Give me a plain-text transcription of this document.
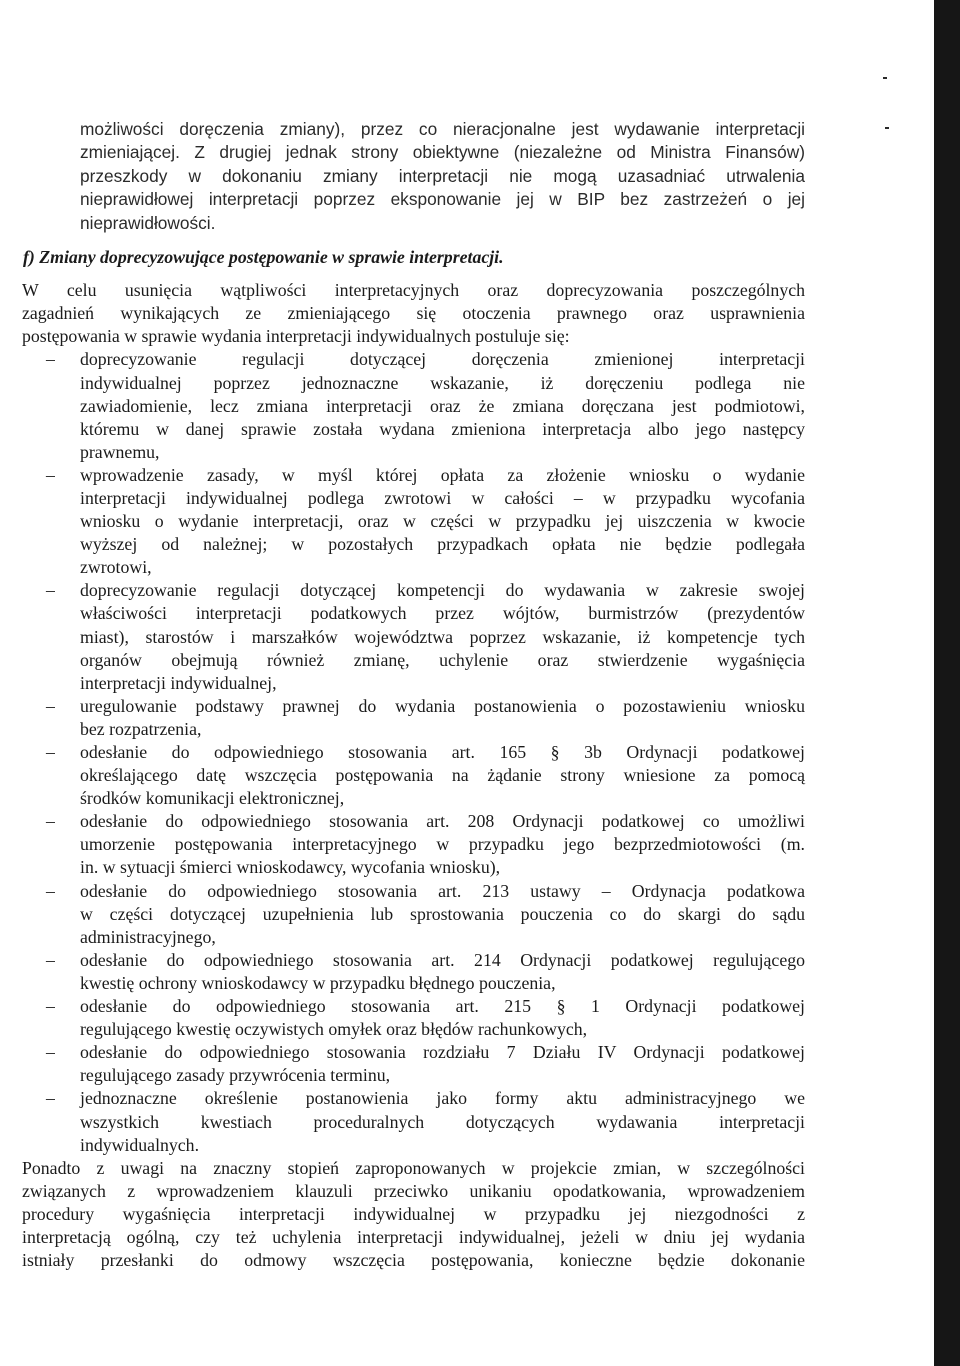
możliwości doręczenia zmiany), przez co nieracjonalne jest wydawanie interpretacji

zmieniającej. Z drugiej jednak strony obiektywne (niezależne od Ministra Finansów)

przeszkody w dokonaniu zmiany interpretacji nie mogą uzasadniać utrwalenia

nieprawidłowej interpretacji poprzez eksponowanie jej w BIP bez zastrzeżeń o jej

nieprawidłowości.

f) Zmiany doprecyzowujące postępowanie w sprawie interpretacji.

W celu usunięcia wątpliwości interpretacyjnych oraz doprecyzowania poszczególnych

zagadnień wynikających ze zmieniającego się otoczenia prawnego oraz usprawnienia

postępowania w sprawie wydania interpretacji indywidualnych postuluje się:

– doprecyzowanie regulacji dotyczącej doręczenia zmienionej interpretacji

indywidualnej poprzez jednoznaczne wskazanie, iż doręczeniu podlega nie

zawiadomienie, lecz zmiana interpretacji oraz że zmiana doręczana jest podmiotowi,

któremu w danej sprawie została wydana zmieniona interpretacja albo jego następcy

prawnemu,

– wprowadzenie zasady, w myśl której opłata za złożenie wniosku o wydanie

interpretacji indywidualnej podlega zwrotowi w całości – w przypadku wycofania

wniosku o wydanie interpretacji, oraz w części w przypadku jej uiszczenia w kwocie

wyższej od należnej; w pozostałych przypadkach opłata nie będzie podlegała

zwrotowi,

– doprecyzowanie regulacji dotyczącej kompetencji do wydawania w zakresie swojej

właściwości interpretacji podatkowych przez wójtów, burmistrzów (prezydentów

miast), starostów i marszałków województwa poprzez wskazanie, iż kompetencje tych

organów obejmują również zmianę, uchylenie oraz stwierdzenie wygaśnięcia

interpretacji indywidualnej,

– uregulowanie podstawy prawnej do wydania postanowienia o pozostawieniu wniosku

bez rozpatrzenia,

– odesłanie do odpowiedniego stosowania art. 165 § 3b Ordynacji podatkowej

określającego datę wszczęcia postępowania na żądanie strony wniesione za pomocą

środków komunikacji elektronicznej,

– odesłanie do odpowiedniego stosowania art. 208 Ordynacji podatkowej co umożliwi

umorzenie postępowania interpretacyjnego w przypadku jego bezprzedmiotowości (m.

in. w sytuacji śmierci wnioskodawcy, wycofania wniosku),

– odesłanie do odpowiedniego stosowania art. 213 ustawy – Ordynacja podatkowa

w części dotyczącej uzupełnienia lub sprostowania pouczenia co do skargi do sądu

administracyjnego,

– odesłanie do odpowiedniego stosowania art. 214 Ordynacji podatkowej regulującego

kwestię ochrony wnioskodawcy w przypadku błędnego pouczenia,

– odesłanie do odpowiedniego stosowania art. 215 § 1 Ordynacji podatkowej

regulującego kwestię oczywistych omyłek oraz błędów rachunkowych,

– odesłanie do odpowiedniego stosowania rozdziału 7 Działu IV Ordynacji podatkowej

regulującego zasady przywrócenia terminu,

– jednoznaczne określenie postanowienia jako formy aktu administracyjnego we

wszystkich kwestiach proceduralnych dotyczących wydawania interpretacji

indywidualnych.

Ponadto z uwagi na znaczny stopień zaproponowanych w projekcie zmian, w szczególności

związanych z wprowadzeniem klauzuli przeciwko unikaniu opodatkowania, wprowadzeniem

procedury wygaśnięcia interpretacji indywidualnej w przypadku jej niezgodności z

interpretacją ogólną, czy też uchylenia interpretacji indywidualnej, jeżeli w dniu jej wydania

istniały przesłanki do odmowy wszczęcia postępowania, konieczne będzie dokonanie
